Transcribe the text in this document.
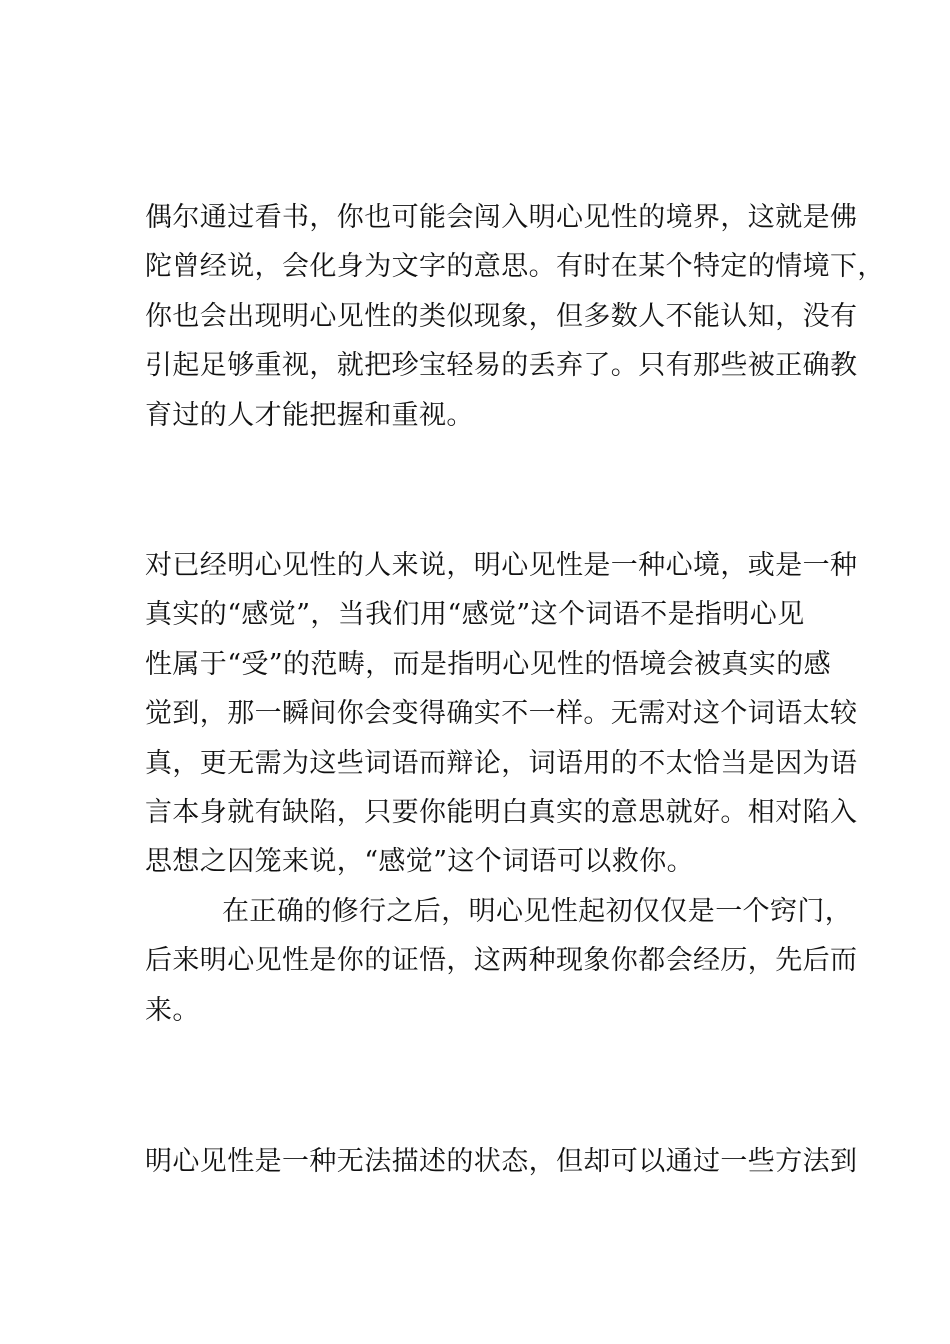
偶尔通过看书，你也可能会闯入明心见性的境界，这就是佛

陀曾经说，会化身为文字的意思。有时在某个特定的情境下，

你也会出现明心见性的类似现象，但多数人不能认知，没有

引起足够重视，就把珍宝轻易的丢弃了。只有那些被正确教

育过的人才能把握和重视。

对已经明心见性的人来说，明心见性是一种心境，或是一种

真实的“感觉”，当我们用“感觉”这个词语不是指明心见

性属于“受”的范畴，而是指明心见性的悟境会被真实的感

觉到，那一瞬间你会变得确实不一样。无需对这个词语太较

真，更无需为这些词语而辩论，词语用的不太恰当是因为语

言本身就有缺陷，只要你能明白真实的意思就好。相对陷入

思想之囚笼来说，“感觉”这个词语可以救你。

在正确的修行之后，明心见性起初仅仅是一个窍门，

后来明心见性是你的证悟，这两种现象你都会经历，先后而

来。

明心见性是一种无法描述的状态，但却可以通过一些方法到
